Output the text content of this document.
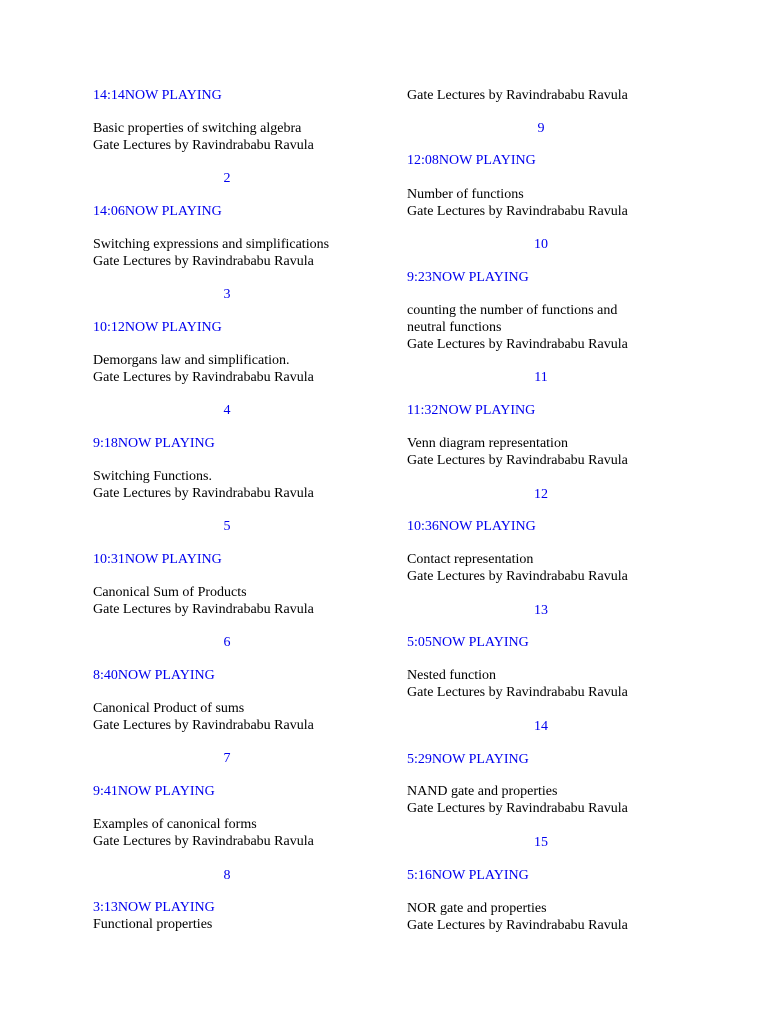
14:14NOW PLAYING
Basic properties of switching algebra
Gate Lectures by Ravindrababu Ravula
2
14:06NOW PLAYING
Switching expressions and simplifications
Gate Lectures by Ravindrababu Ravula
3
10:12NOW PLAYING
Demorgans law and simplification.
Gate Lectures by Ravindrababu Ravula
4
9:18NOW PLAYING
Switching Functions.
Gate Lectures by Ravindrababu Ravula
5
10:31NOW PLAYING
Canonical Sum of Products
Gate Lectures by Ravindrababu Ravula
6
8:40NOW PLAYING
Canonical Product of sums
Gate Lectures by Ravindrababu Ravula
7
9:41NOW PLAYING
Examples of canonical forms
Gate Lectures by Ravindrababu Ravula
8
3:13NOW PLAYING
Functional properties
Gate Lectures by Ravindrababu Ravula
9
12:08NOW PLAYING
Number of functions
Gate Lectures by Ravindrababu Ravula
10
9:23NOW PLAYING
counting the number of functions and
neutral functions
Gate Lectures by Ravindrababu Ravula
11
11:32NOW PLAYING
Venn diagram representation
Gate Lectures by Ravindrababu Ravula
12
10:36NOW PLAYING
Contact representation
Gate Lectures by Ravindrababu Ravula
13
5:05NOW PLAYING
Nested function
Gate Lectures by Ravindrababu Ravula
14
5:29NOW PLAYING
NAND gate and properties
Gate Lectures by Ravindrababu Ravula
15
5:16NOW PLAYING
NOR gate and properties
Gate Lectures by Ravindrababu Ravula
